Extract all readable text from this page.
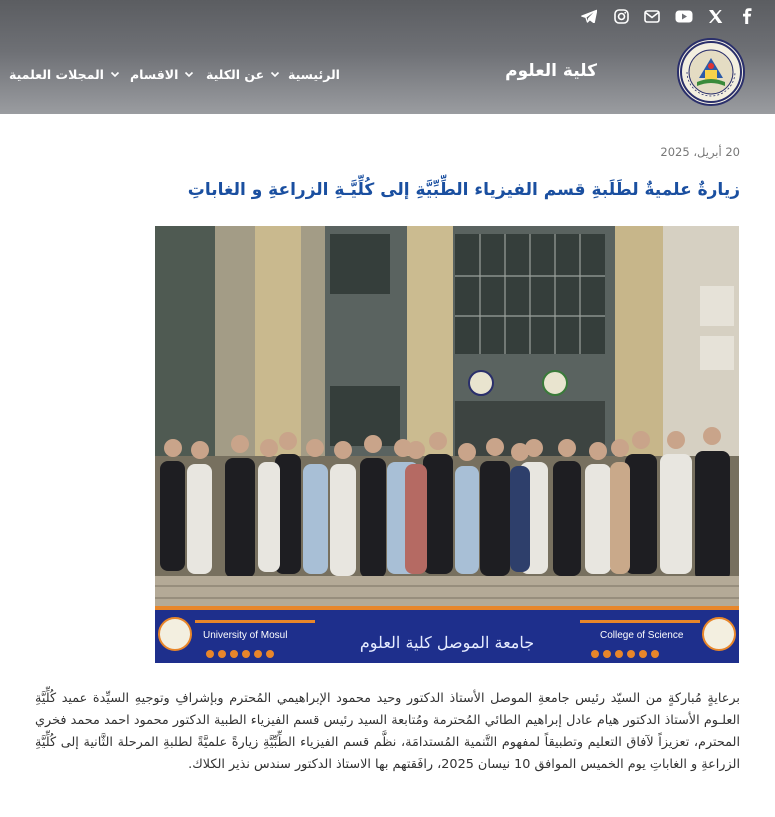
كلية العلوم
الرئيسية
عن الكلية
الاقسام
المجلات العلمية
20 أبريل، 2025
زيارةٌ علميةٌ لطَلَبةِ قسم الفيزياء الطِّبِّيَّةِ إلى كُلِّيَّـةِ الزراعةِ و الغاباتِ
University of Mosul	College of Science
جامعة الموصل كلية العلوم

برعايةٍ مُباركةٍ من السيّد رئيس جامعةِ الموصل الأستاذ الدكتور وحيد محمود الإبراهيمي المُحترم وبإشرافِ وتوجيهِ السيِّدة عميد كُلِّيَّةِ العلـوم الأستاذ الدكتور هيام عادل إبراهيم الطائي المُحترمة ومُتابعة السيد رئيس قسم الفيزياء الطبية الدكتور محمود احمد محمد فخري المحترم، تعزيزاً لآفاق التعليم وتطبيقاً لمفهوم التَّنمية المُستدامَة، نظَّم قسم الفيزياء الطِّبِّيَّةِ زيارةً علميَّةً لطلبةِ المرحلة الثَّانية إلى كُلِّيَّةِ الزراعةِ و الغاباتِ يوم الخميس الموافق 10 نيسان 2025، رافَقتهم بها الاستاذ الدكتور سندس نذير الكلاك.
